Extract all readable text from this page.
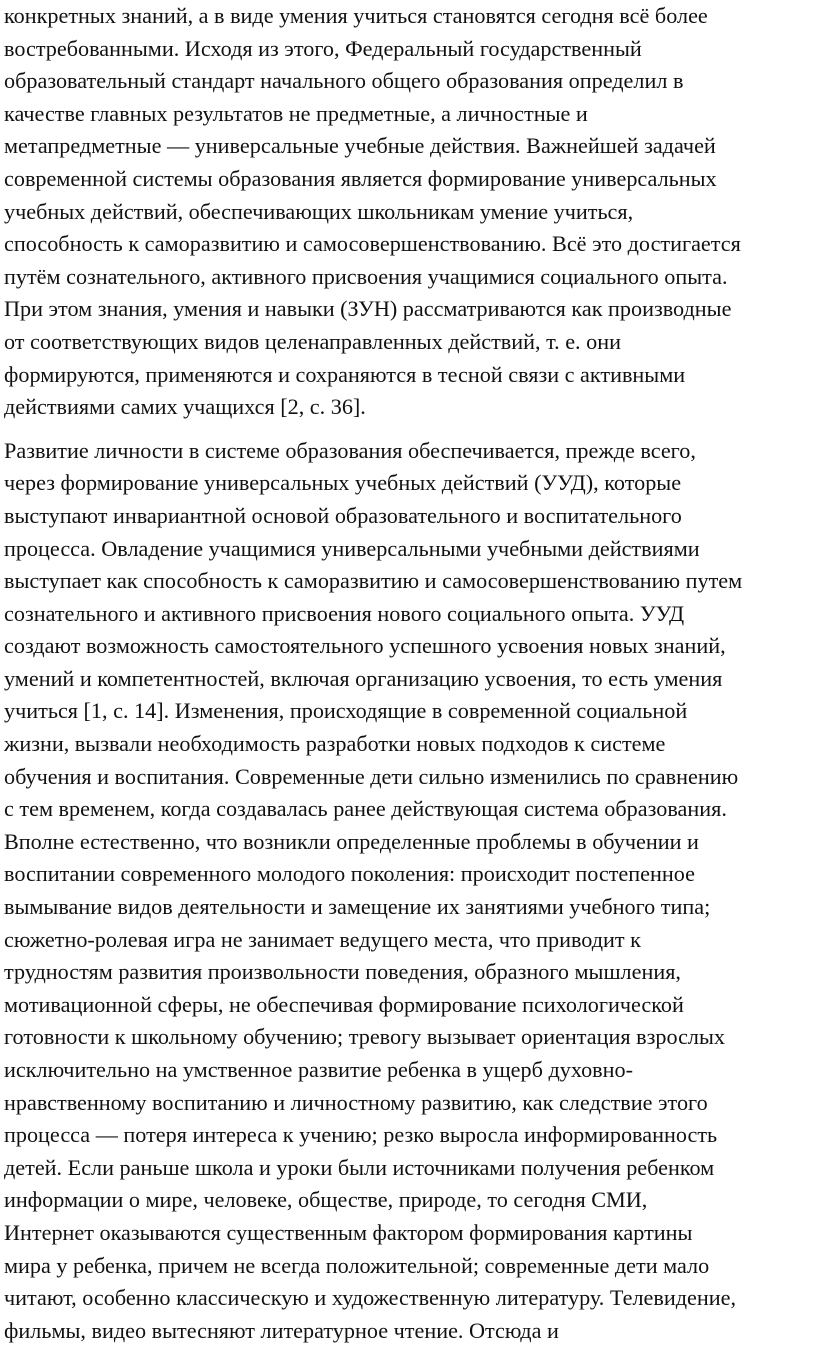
конкретных знаний, а в виде умения учиться становятся сегодня всё более
востребованными. Исходя из этого, Федеральный государственный
образовательный стандарт начального общего образования определил в
качестве главных результатов не предметные, а личностные и
метапредметные — универсальные учебные действия. Важнейшей задачей
современной системы образования является формирование универсальных
учебных действий, обеспечивающих школьникам умение учиться,
способность к саморазвитию и самосовершенствованию. Всё это достигается
путём сознательного, активного присвоения учащимися социального опыта.
При этом знания, умения и навыки (ЗУН) рассматриваются как производные
от соответствующих видов целенаправленных действий, т. е. они
формируются, применяются и сохраняются в тесной связи с активными
действиями самих учащихся [2, с. 36].

Развитие личности в системе образования обеспечивается, прежде всего,
через формирование универсальных учебных действий (УУД), которые
выступают инвариантной основой образовательного и воспитательного
процесса. Овладение учащимися универсальными учебными действиями
выступает как способность к саморазвитию и самосовершенствованию путем
сознательного и активного присвоения нового социального опыта. УУД
создают возможность самостоятельного успешного усвоения новых знаний,
умений и компетентностей, включая организацию усвоения, то есть умения
учиться [1, с. 14]. Изменения, происходящие в современной социальной
жизни, вызвали необходимость разработки новых подходов к системе
обучения и воспитания. Современные дети сильно изменились по сравнению
с тем временем, когда создавалась ранее действующая система образования.
Вполне естественно, что возникли определенные проблемы в обучении и
воспитании современного молодого поколения: происходит постепенное
вымывание видов деятельности и замещение их занятиями учебного типа;
сюжетно-ролевая игра не занимает ведущего места, что приводит к
трудностям развития произвольности поведения, образного мышления,
мотивационной сферы, не обеспечивая формирование психологической
готовности к школьному обучению; тревогу вызывает ориентация взрослых
исключительно на умственное развитие ребенка в ущерб духовно-
нравственному воспитанию и личностному развитию, как следствие этого
процесса — потеря интереса к учению; резко выросла информированность
детей. Если раньше школа и уроки были источниками получения ребенком
информации о мире, человеке, обществе, природе, то сегодня СМИ,
Интернет оказываются существенным фактором формирования картины
мира у ребенка, причем не всегда положительной; современные дети мало
читают, особенно классическую и художественную литературу. Телевидение,
фильмы, видео вытесняют литературное чтение. Отсюда и
